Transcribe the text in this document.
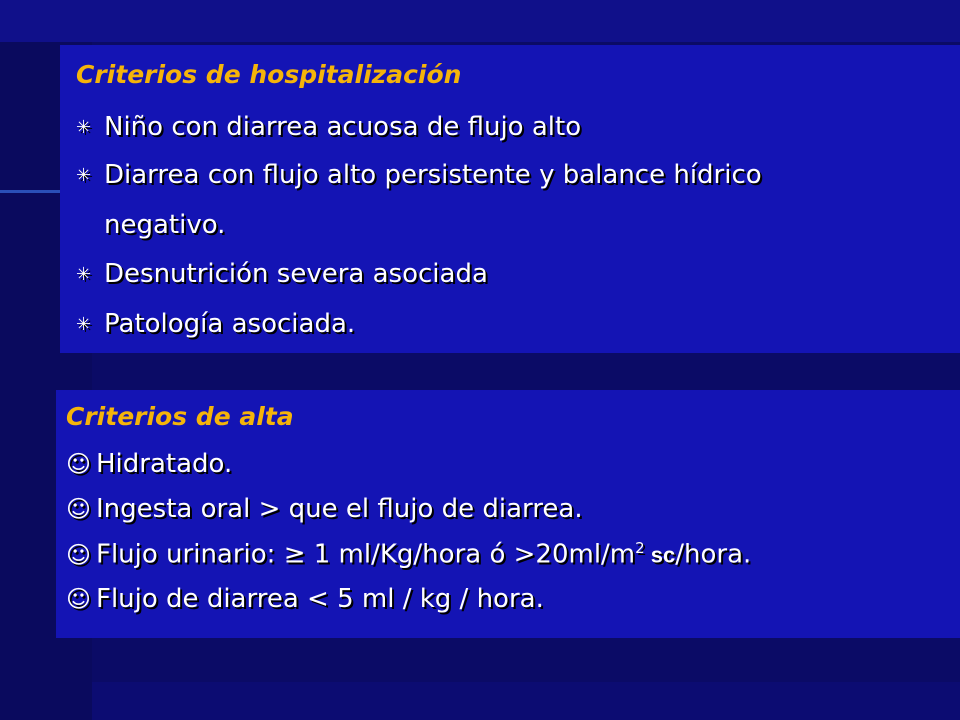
Criterios de hospitalización
✳ Niño con diarrea acuosa de flujo alto
✳ Diarrea con flujo alto persistente y balance hídrico
negativo.
✳ Desnutrición severa asociada
✳ Patología asociada.
Criterios de alta
☺ Hidratado.
☺ Ingesta oral > que el flujo de diarrea.
☺ Flujo urinario: ≥ 1 ml/Kg/hora ó $>20ml/m^2$ sc/hora.
☺ Flujo de diarrea < 5 ml / kg / hora.
